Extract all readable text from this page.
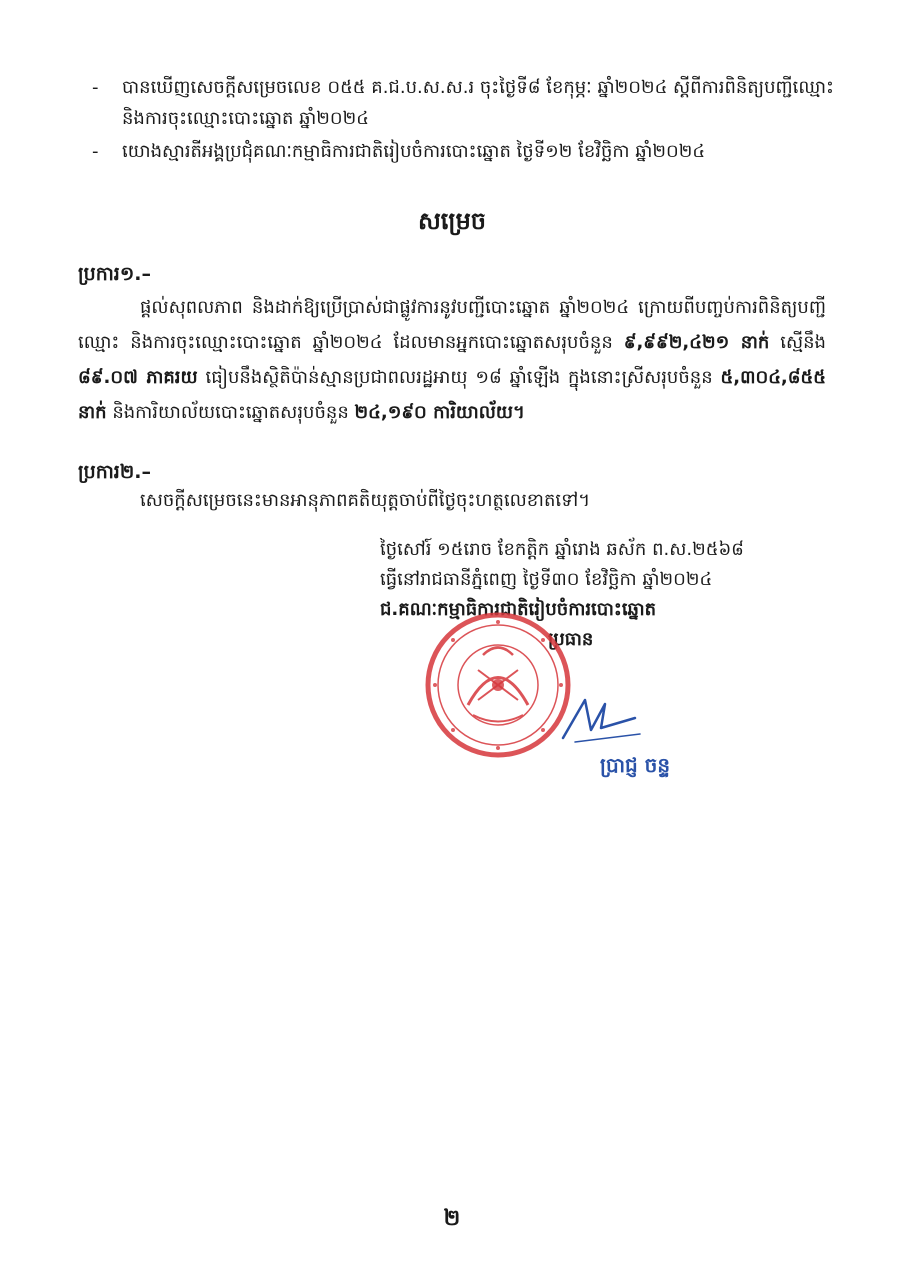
-	បានឃើញសេចក្ដីសម្រេចលេខ ០៥៥ គ.ជ.ប.ស.ស.រ ចុះថ្ងៃទី៨ ខែកុម្ភៈ ឆ្នាំ២០២៤ ស្ដីពីការពិនិត្យបញ្ជីឈ្មោះ និងការចុះឈ្មោះបោះឆ្នោត ឆ្នាំ២០២៤
-	យោងស្មារតីអង្គប្រជុំគណៈកម្មាធិការជាតិរៀបចំការបោះឆ្នោត ថ្ងៃទី១២ ខែវិច្ឆិកា ឆ្នាំ២០២៤
សម្រេច
ប្រការ១.–
ផ្ដល់សុពលភាព និងដាក់ឱ្យប្រើប្រាស់ជាផ្លូវការនូវបញ្ជីបោះឆ្នោត ឆ្នាំ២០២៤ ក្រោយពីបញ្ចប់ការពិនិត្យបញ្ជីឈ្មោះ និងការចុះឈ្មោះបោះឆ្នោត ឆ្នាំ២០២៤ ដែលមានអ្នកបោះឆ្នោតសរុបចំនួន ៩,៩៩២,៤២១ នាក់ ស្មើនឹង ៨៩.០៧ ភាគរយ ធៀបនឹងស្ថិតិប៉ាន់ស្មានប្រជាពលរដ្ឋអាយុ ១៨ ឆ្នាំឡើង ក្នុងនោះស្រីសរុបចំនួន ៥,៣០៤,៨៥៥ នាក់ និងការិយាល័យបោះឆ្នោតសរុបចំនួន ២៤,១៩០ ការិយាល័យ។
ប្រការ២.–
សេចក្ដីសម្រេចនេះមានអានុភាពគតិយុត្តចាប់ពីថ្ងៃចុះហត្ថលេខាតទៅ។
ថ្ងៃសៅរ៍ ១៥រោច ខែកត្ដិក ឆ្នាំរោង ឆស័ក ព.ស.២៥៦៨
ធ្វើនៅរាជធានីភ្នំពេញ ថ្ងៃទី៣០ ខែវិច្ឆិកា ឆ្នាំ២០២៤
ជ.គណៈកម្មាធិការជាតិរៀបចំការបោះឆ្នោត
ប្រធាន
ប្រាជ្ញ ចន្ទ
២
